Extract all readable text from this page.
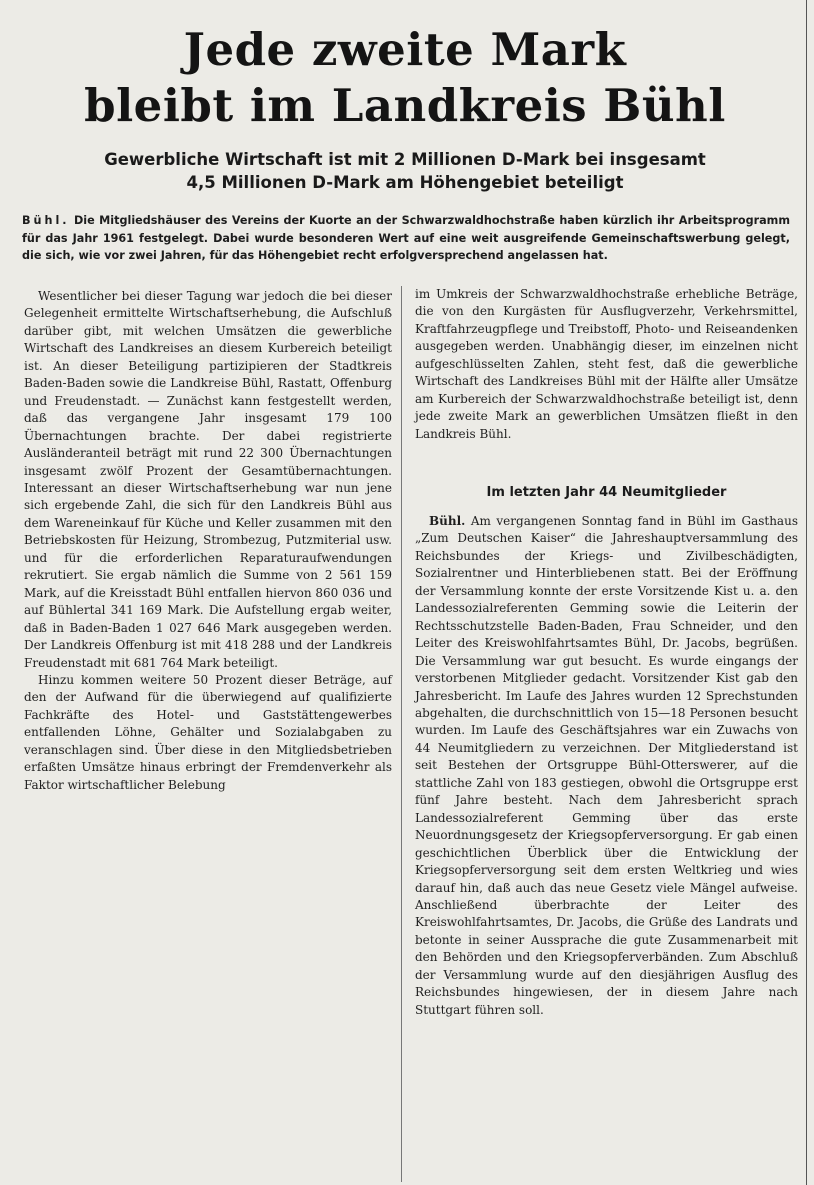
Jede zweite Mark
bleibt im Landkreis Bühl
Gewerbliche Wirtschaft ist mit 2 Millionen D-Mark bei insgesamt
4,5 Millionen D-Mark am Höhengebiet beteiligt
Bühl. Die Mitgliedshäuser des Vereins der Kuorte an der Schwarzwaldhochstraße haben kürzlich ihr Arbeitsprogramm für das Jahr 1961 festgelegt. Dabei wurde besonderen Wert auf eine weit ausgreifende Gemeinschaftswerbung gelegt, die sich, wie vor zwei Jahren, für das Höhengebiet recht erfolgversprechend angelassen hat.

Wesentlicher bei dieser Tagung war jedoch die bei dieser Gelegenheit ermittelte Wirtschaftserhebung, die Aufschluß darüber gibt, mit welchen Umsätzen die gewerbliche Wirtschaft des Landkreises an diesem Kurbereich beteiligt ist. An dieser Beteiligung partizipieren der Stadtkreis Baden-Baden sowie die Landkreise Bühl, Rastatt, Offenburg und Freudenstadt. — Zunächst kann festgestellt werden, daß das vergangene Jahr insgesamt 179 100 Übernachtungen brachte. Der dabei registrierte Ausländeranteil beträgt mit rund 22 300 Übernachtungen insgesamt zwölf Prozent der Gesamtübernachtungen. Interessant an dieser Wirtschaftserhebung war nun jene sich ergebende Zahl, die sich für den Landkreis Bühl aus dem Wareneinkauf für Küche und Keller zusammen mit den Betriebskosten für Heizung, Strombezug, Putzmiterial usw. und für die erforderlichen Reparaturaufwendungen rekrutiert. Sie ergab nämlich die Summe von 2 561 159 Mark, auf die Kreisstadt Bühl entfallen hiervon 860 036 und auf Bühlertal 341 169 Mark. Die Aufstellung ergab weiter, daß in Baden-Baden 1 027 646 Mark ausgegeben werden. Der Landkreis Offenburg ist mit 418 288 und der Landkreis Freudenstadt mit 681 764 Mark beteiligt.

Hinzu kommen weitere 50 Prozent dieser Beträge, auf den der Aufwand für die überwiegend auf qualifizierte Fachkräfte des Hotel- und Gaststättengewerbes entfallenden Löhne, Gehälter und Sozialabgaben zu veranschlagen sind. Über diese in den Mitgliedsbetrieben erfaßten Umsätze hinaus erbringt der Fremdenverkehr als Faktor wirtschaftlicher Belebung

im Umkreis der Schwarzwaldhochstraße erhebliche Beträge, die von den Kurgästen für Ausflugverzehr, Verkehrsmittel, Kraftfahrzeugpflege und Treibstoff, Photo- und Reiseandenken ausgegeben werden. Unabhängig dieser, im einzelnen nicht aufgeschlüsselten Zahlen, steht fest, daß die gewerbliche Wirtschaft des Landkreises Bühl mit der Hälfte aller Umsätze am Kurbereich der Schwarzwaldhochstraße beteiligt ist, denn jede zweite Mark an gewerblichen Umsätzen fließt in den Landkreis Bühl.

Im letzten Jahr 44 Neumitglieder

Bühl. Am vergangenen Sonntag fand in Bühl im Gasthaus „Zum Deutschen Kaiser“ die Jahreshauptversammlung des Reichsbundes der Kriegs- und Zivilbeschädigten, Sozialrentner und Hinterbliebenen statt. Bei der Eröffnung der Versammlung konnte der erste Vorsitzende Kist u. a. den Landessozialreferenten Gemming sowie die Leiterin der Rechtsschutzstelle Baden-Baden, Frau Schneider, und den Leiter des Kreiswohlfahrtsamtes Bühl, Dr. Jacobs, begrüßen. Die Versammlung war gut besucht. Es wurde eingangs der verstorbenen Mitglieder gedacht. Vorsitzender Kist gab den Jahresbericht. Im Laufe des Jahres wurden 12 Sprechstunden abgehalten, die durchschnittlich von 15—18 Personen besucht wurden. Im Laufe des Geschäftsjahres war ein Zuwachs von 44 Neumitgliedern zu verzeichnen. Der Mitgliederstand ist seit Bestehen der Ortsgruppe Bühl-Otterswerer, auf die stattliche Zahl von 183 gestiegen, obwohl die Ortsgruppe erst fünf Jahre besteht. Nach dem Jahresbericht sprach Landessozialreferent Gemming über das erste Neuordnungsgesetz der Kriegsopferversorgung. Er gab einen geschichtlichen Überblick über die Entwicklung der Kriegsopferversorgung seit dem ersten Weltkrieg und wies darauf hin, daß auch das neue Gesetz viele Mängel aufweise. Anschließend überbrachte der Leiter des Kreiswohlfahrtsamtes, Dr. Jacobs, die Grüße des Landrats und betonte in seiner Aussprache die gute Zusammenarbeit mit den Behörden und den Kriegsopferverbänden. Zum Abschluß der Versammlung wurde auf den diesjährigen Ausflug des Reichsbundes hingewiesen, der in diesem Jahre nach Stuttgart führen soll.
